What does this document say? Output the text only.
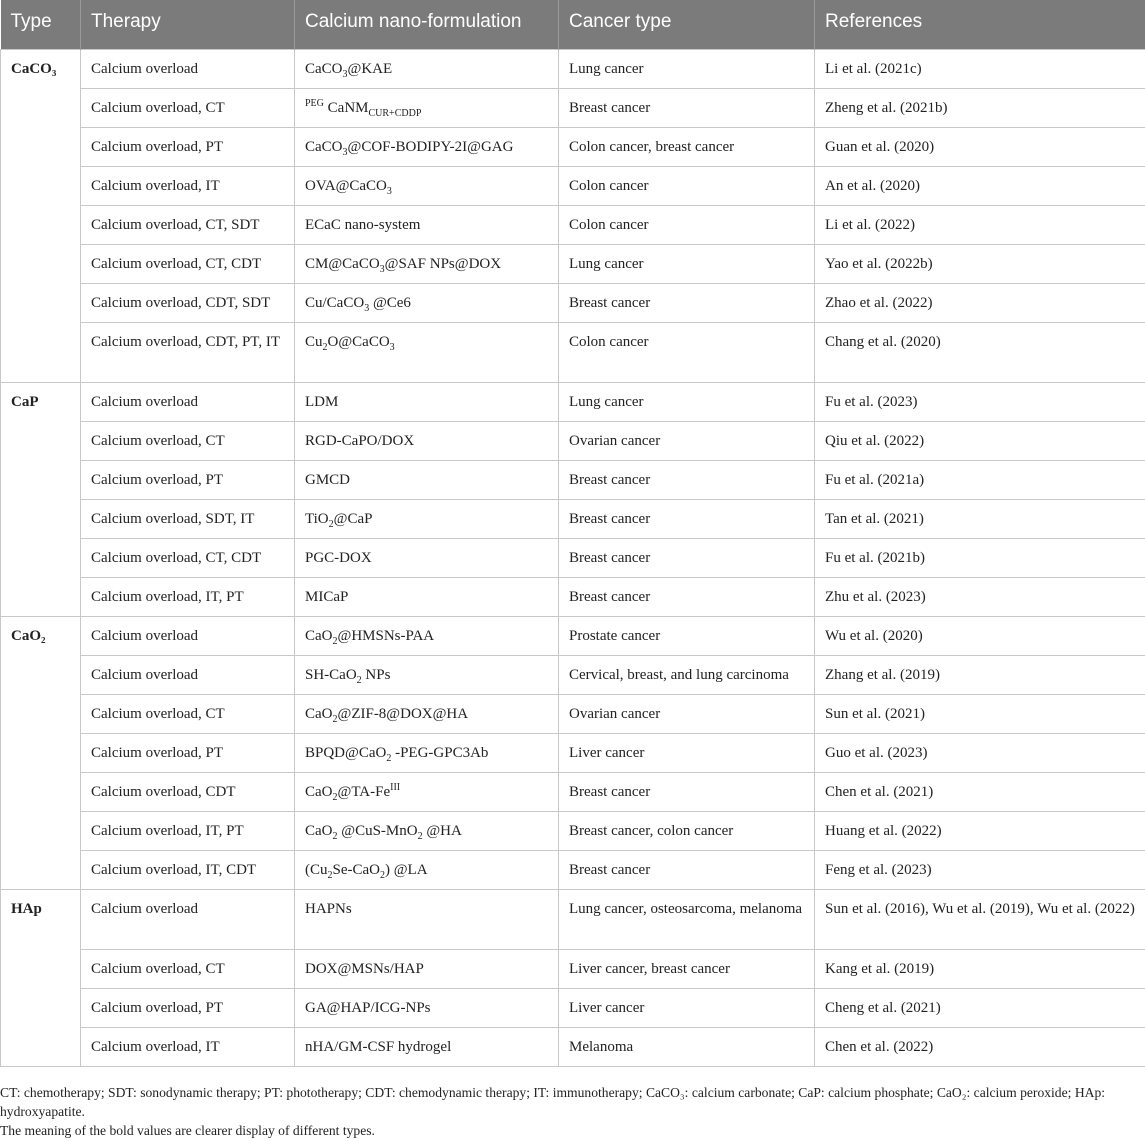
Type	Therapy	Calcium nano-formulation	Cancer type	References
CaCO₃	Calcium overload	CaCO$_3$@KAE	Lung cancer	Li et al. (2021c)
	Calcium overload, CT	$^{PEG}$ CaNM$_{CUR+CDDP}$	Breast cancer	Zheng et al. (2021b)
	Calcium overload, PT	CaCO$_3$@COF-BODIPY-2I@GAG	Colon cancer, breast cancer	Guan et al. (2020)
	Calcium overload, IT	OVA@CaCO$_3$	Colon cancer	An et al. (2020)
	Calcium overload, CT, SDT	ECaC nano-system	Colon cancer	Li et al. (2022)
	Calcium overload, CT, CDT	CM@CaCO$_3$@SAF NPs@DOX	Lung cancer	Yao et al. (2022b)
	Calcium overload, CDT, SDT	Cu/CaCO$_3$ @Ce6	Breast cancer	Zhao et al. (2022)
	Calcium overload, CDT, PT, IT	$Cu_2O@CaCO_3$	Colon cancer	Chang et al. (2020)
CaP	Calcium overload	LDM	Lung cancer	Fu et al. (2023)
	Calcium overload, CT	RGD-CaPO/DOX	Ovarian cancer	Qiu et al. (2022)
	Calcium overload, PT	GMCD	Breast cancer	Fu et al. (2021a)
	Calcium overload, SDT, IT	TiO$_2$@CaP	Breast cancer	Tan et al. (2021)
	Calcium overload, CT, CDT	PGC-DOX	Breast cancer	Fu et al. (2021b)
	Calcium overload, IT, PT	MICaP	Breast cancer	Zhu et al. (2023)
CaO₂	Calcium overload	CaO$_2$@HMSNs-PAA	Prostate cancer	Wu et al. (2020)
	Calcium overload	SH-CaO$_2$ NPs	Cervical, breast, and lung carcinoma	Zhang et al. (2019)
	Calcium overload, CT	CaO$_2$@ZIF-8@DOX@HA	Ovarian cancer	Sun et al. (2021)
	Calcium overload, PT	BPQD@CaO$_2$ -PEG-GPC3Ab	Liver cancer	Guo et al. (2023)
	Calcium overload, CDT	$CaO_2@TA-Fe^{III}$	Breast cancer	Chen et al. (2021)
	Calcium overload, IT, PT	CaO$_2$ @CuS-MnO$_2$ @HA	Breast cancer, colon cancer	Huang et al. (2022)
	Calcium overload, IT, CDT	$(Cu_2Se-CaO_2)$ @LA	Breast cancer	Feng et al. (2023)
HAp	Calcium overload	HAPNs	Lung cancer, osteosarcoma, melanoma	Sun et al. (2016), Wu et al. (2019), Wu et al. (2022)
	Calcium overload, CT	DOX@MSNs/HAP	Liver cancer, breast cancer	Kang et al. (2019)
	Calcium overload, PT	GA@HAP/ICG-NPs	Liver cancer	Cheng et al. (2021)
	Calcium overload, IT	nHA/GM-CSF hydrogel	Melanoma	Chen et al. (2022)
CT: chemotherapy; SDT: sonodynamic therapy; PT: phototherapy; CDT: chemodynamic therapy; IT: immunotherapy; CaCO₃: calcium carbonate; CaP: calcium phosphate; CaO₂: calcium peroxide; HAp: hydroxyapatite.
The meaning of the bold values are clearer display of different types.
